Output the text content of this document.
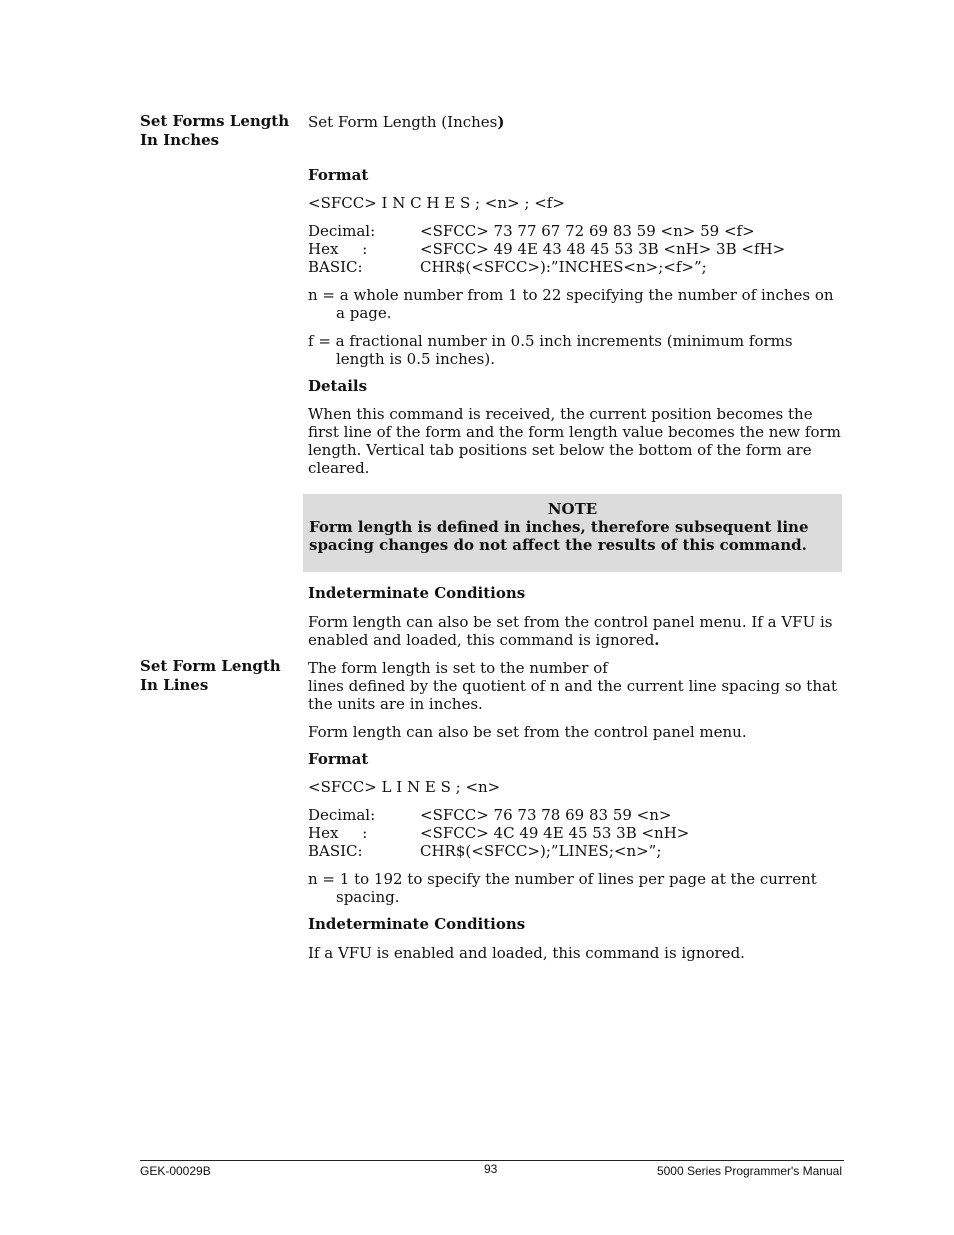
Set Forms Length
In Inches

Set Form Length (Inches)

Format

<SFCC> I N C H E S ; <n> ; <f>

Decimal:	<SFCC> 73 77 67 72 69 83 59 <n> 59 <f>
Hex     :	<SFCC> 49 4E 43 48 45 53 3B <nH> 3B <fH>
BASIC:	CHR$(<SFCC>):”INCHES<n>;<f>”;

n = a whole number from 1 to 22 specifying the number of inches on a page.

f = a fractional number in 0.5 inch increments (minimum forms length is 0.5 inches).

Details

When this command is received, the current position becomes the first line of the form and the form length value becomes the new form length. Vertical tab positions set below the bottom of the form are cleared.

NOTE
Form length is defined in inches, therefore subsequent line spacing changes do not affect the results of this command.

Indeterminate Conditions

Form length can also be set from the control panel menu. If a VFU is enabled and loaded, this command is ignored.

Set Form Length
In Lines

The form length is set to the number of

lines defined by the quotient of n and the current line spacing so that the units are in inches.

Form length can also be set from the control panel menu.

Format

<SFCC> L I N E S ; <n>

Decimal:	<SFCC> 76 73 78 69 83 59 <n>
Hex     :	<SFCC> 4C 49 4E 45 53 3B <nH>
BASIC:	CHR$(<SFCC>);”LINES;<n>”;

n = 1 to 192 to specify the number of lines per page at the current spacing.

Indeterminate Conditions

If a VFU is enabled and loaded, this command is ignored.

GEK-00029B	93	5000 Series Programmer's Manual
